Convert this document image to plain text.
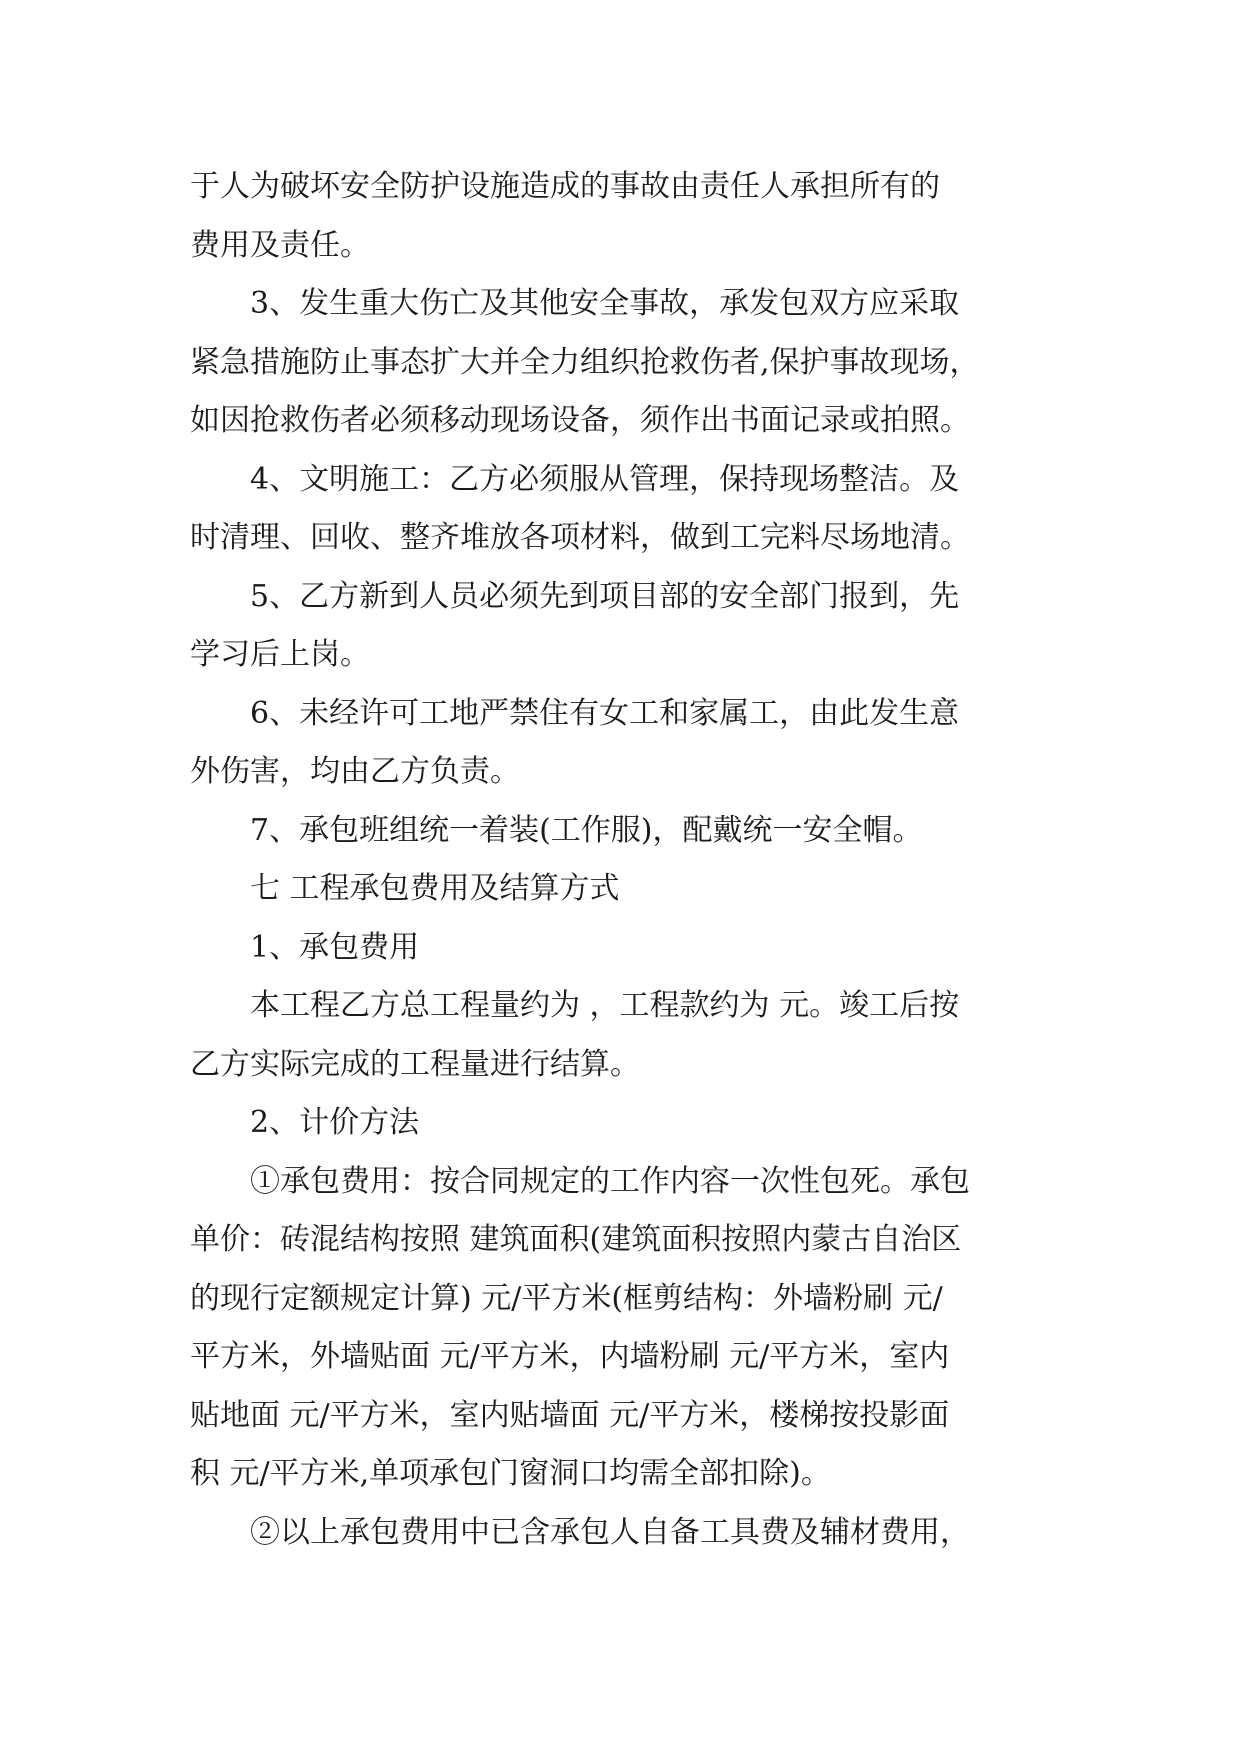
于人为破坏安全防护设施造成的事故由责任人承担所有的
费用及责任。
3、发生重大伤亡及其他安全事故，承发包双方应采取
紧急措施防止事态扩大并全力组织抢救伤者,保护事故现场，
如因抢救伤者必须移动现场设备，须作出书面记录或拍照。
4、文明施工：乙方必须服从管理，保持现场整洁。及
时清理、回收、整齐堆放各项材料，做到工完料尽场地清。
5、乙方新到人员必须先到项目部的安全部门报到，先
学习后上岗。
6、未经许可工地严禁住有女工和家属工，由此发生意
外伤害，均由乙方负责。
7、承包班组统一着装(工作服)，配戴统一安全帽。
七 工程承包费用及结算方式
1、承包费用
本工程乙方总工程量约为 ，工程款约为 元。竣工后按
乙方实际完成的工程量进行结算。
2、计价方法
①承包费用：按合同规定的工作内容一次性包死。承包
单价：砖混结构按照 建筑面积(建筑面积按照内蒙古自治区
的现行定额规定计算) 元/平方米(框剪结构：外墙粉刷 元/
平方米，外墙贴面 元/平方米，内墙粉刷 元/平方米，室内
贴地面 元/平方米，室内贴墙面 元/平方米，楼梯按投影面
积 元/平方米,单项承包门窗洞口均需全部扣除)。
②以上承包费用中已含承包人自备工具费及辅材费用，
